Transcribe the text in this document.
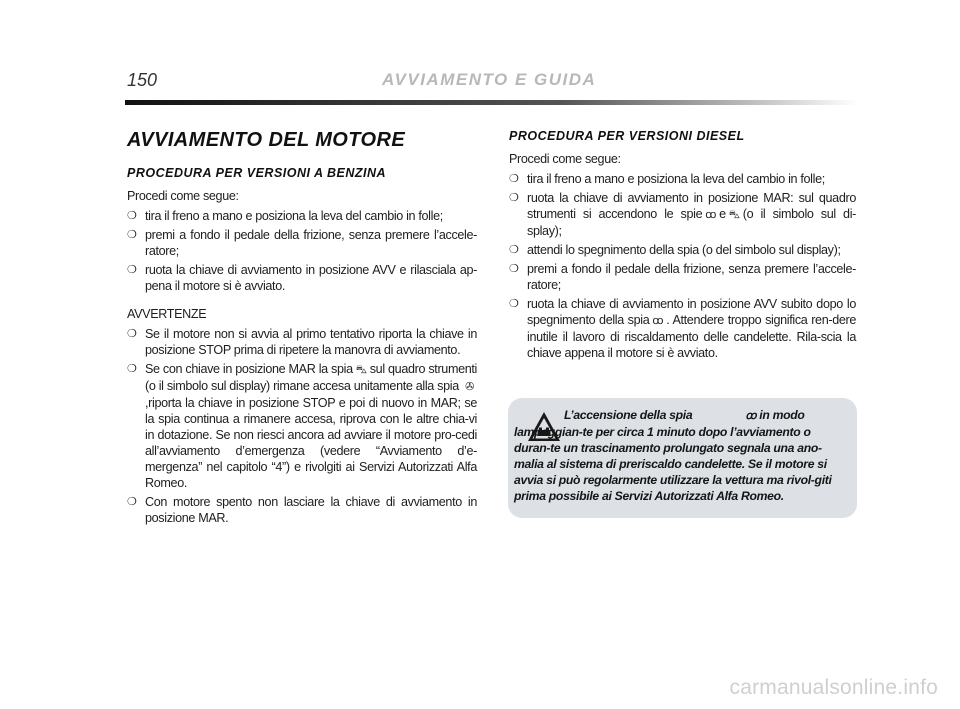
150	AVVIAMENTO E GUIDA
AVVIAMENTO DEL MOTORE
PROCEDURA PER VERSIONI A BENZINA

Procedi come segue:

❍ tira il freno a mano e posiziona la leva del cambio in folle;
❍ premi a fondo il pedale della frizione, senza premere l’accele-ratore;
❍ ruota la chiave di avviamento in posizione AVV e rilasciala ap-pena il motore si è avviato.

AVVERTENZE

❍ Se il motore non si avvia al primo tentativo riporta la chiave in posizione STOP prima di ripetere la manovra di avviamento.
❍ Se con chiave in posizione MAR la spia ⛍ sul quadro strumenti (o il simbolo sul display) rimane accesa unitamente alla spia ✇,riporta la chiave in posizione STOP e poi di nuovo in MAR; se la spia continua a rimanere accesa, riprova con le altre chia-vi in dotazione. Se non riesci ancora ad avviare il motore pro-cedi all’avviamento d’emergenza (vedere “Avviamento d’e-mergenza” nel capitolo “4”) e rivolgiti ai Servizi Autorizzati Alfa Romeo.
❍ Con motore spento non lasciare la chiave di avviamento in posizione MAR.
PROCEDURA PER VERSIONI DIESEL

Procedi come segue:

❍ tira il freno a mano e posiziona la leva del cambio in folle;
❍ ruota la chiave di avviamento in posizione MAR: sul quadro strumenti si accendono le spie ꝏ e ⛍ (o il simbolo sul di-splay);
❍ attendi lo spegnimento della spia (o del simbolo sul display);
❍ premi a fondo il pedale della frizione, senza premere l’accele-ratore;
❍ ruota la chiave di avviamento in posizione AVV subito dopo lo spegnimento della spia ꝏ . Attendere troppo significa ren-dere inutile il lavoro di riscaldamento delle candelette. Rila-scia la chiave appena il motore si è avviato.
L’accensione della spia	ꝏ in modo lampeggian-te per circa 1 minuto dopo l’avviamento o duran-te un trascinamento prolungato segnala una ano-malia al sistema di preriscaldo candelette. Se il motore si avvia si può regolarmente utilizzare la vettura ma rivol-giti prima possibile ai Servizi Autorizzati Alfa Romeo.
carmanualsonline.info
